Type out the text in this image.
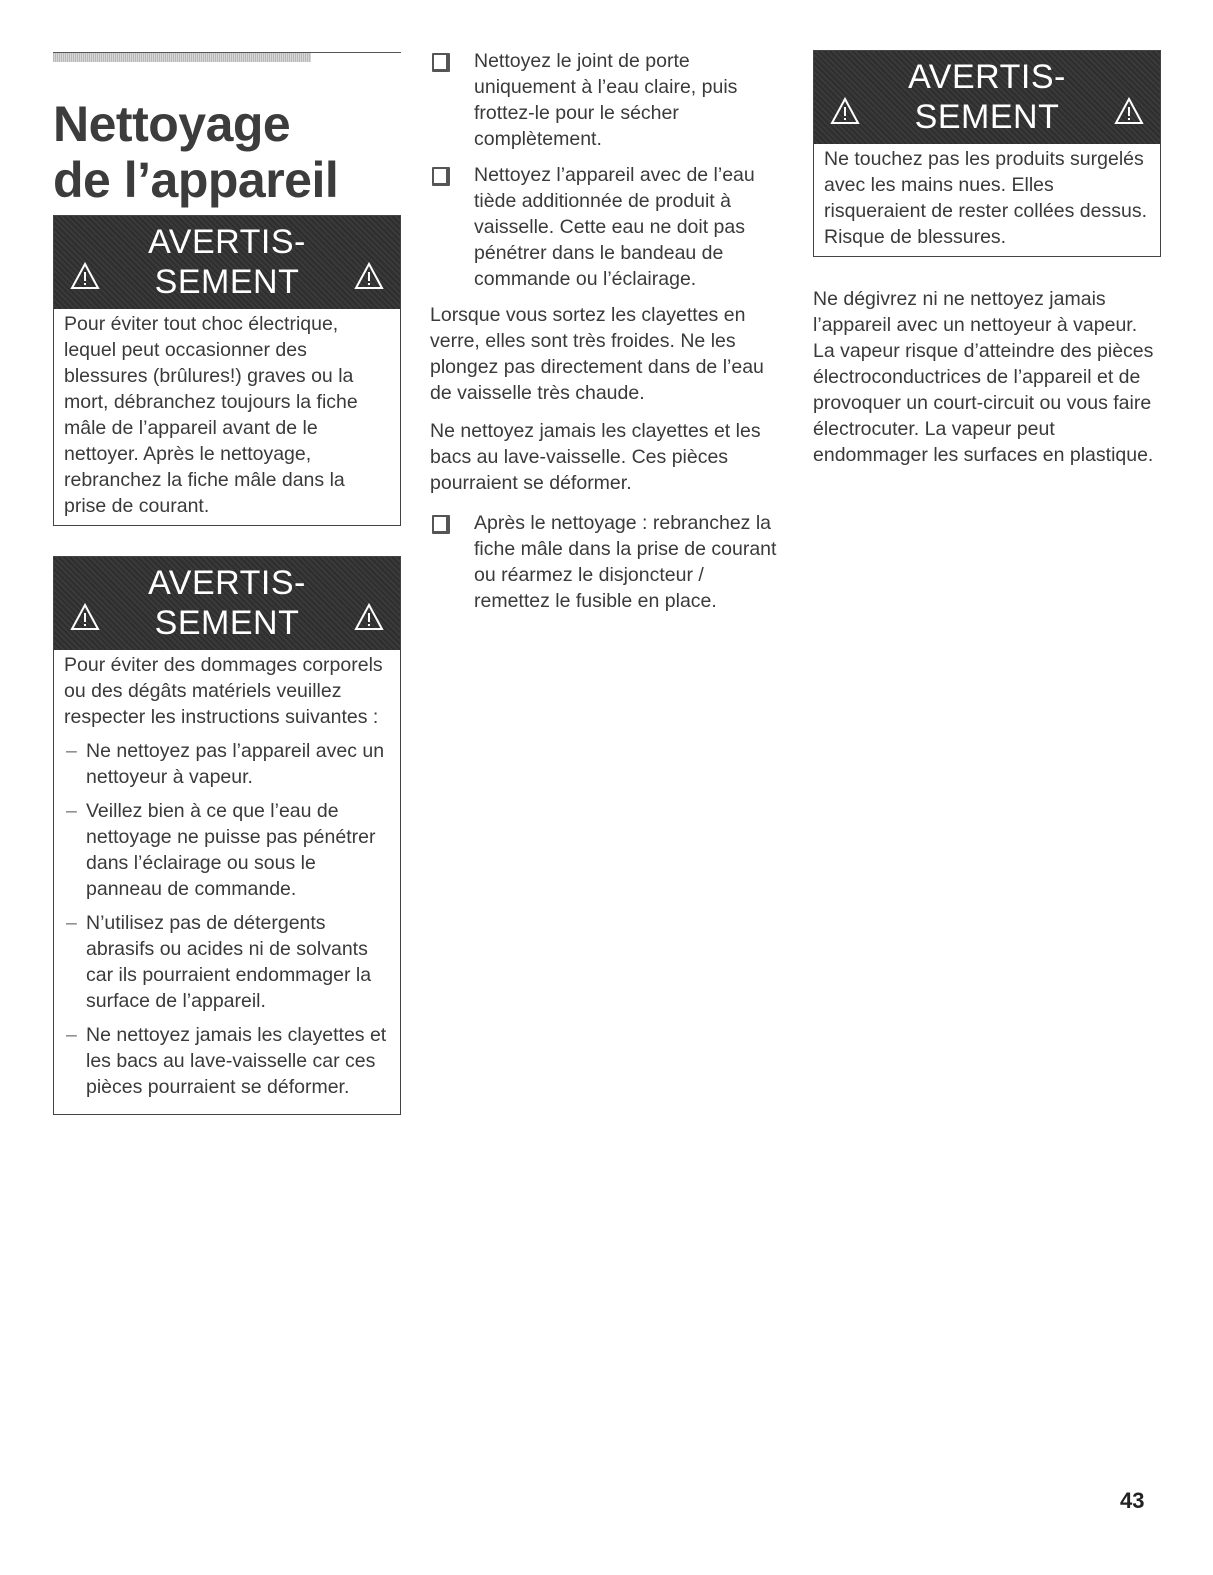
Nettoyage
de l’appareil
AVERTIS-
SEMENT

Pour éviter tout choc électrique, lequel peut occasionner des blessures (brûlures!) graves ou la mort, débranchez toujours la fiche mâle de l’appareil avant de le nettoyer. Après le nettoyage, rebranchez la fiche mâle dans la prise de courant.

AVERTIS-
SEMENT

Pour éviter des dommages corporels ou des dégâts matériels veuillez respecter les instructions suivantes :

– Ne nettoyez pas l’appareil avec un nettoyeur à vapeur.
– Veillez bien à ce que l’eau de nettoyage ne puisse pas pénétrer dans l’éclairage ou sous le panneau de commande.
– N’utilisez pas de détergents abrasifs ou acides ni de solvants car ils pourraient endommager la surface de l’appareil.
– Ne nettoyez jamais les clayettes et les bacs au lave-vaisselle car ces pièces pourraient se déformer.

Nettoyez le joint de porte uniquement à l’eau claire, puis frottez-le pour le sécher complètement.

Nettoyez l’appareil avec de l’eau tiède additionnée de produit à vaisselle. Cette eau ne doit pas pénétrer dans le bandeau de commande ou l’éclairage.

Lorsque vous sortez les clayettes en verre, elles sont très froides. Ne les plongez pas directement dans de l’eau de vaisselle très chaude.

Ne nettoyez jamais les clayettes et les bacs au lave-vaisselle. Ces pièces pourraient se déformer.

Après le nettoyage : rebranchez la fiche mâle dans la prise de courant ou réarmez le disjoncteur / remettez le fusible en place.

AVERTIS-
SEMENT

Ne touchez pas les produits surgelés avec les mains nues. Elles risqueraient de rester collées dessus. Risque de blessures.

Ne dégivrez ni ne nettoyez jamais l’appareil avec un nettoyeur à vapeur. La vapeur risque d’atteindre des pièces électroconductrices de l’appareil et de provoquer un court-circuit ou vous faire électrocuter. La vapeur peut endommager les surfaces en plastique.

43
